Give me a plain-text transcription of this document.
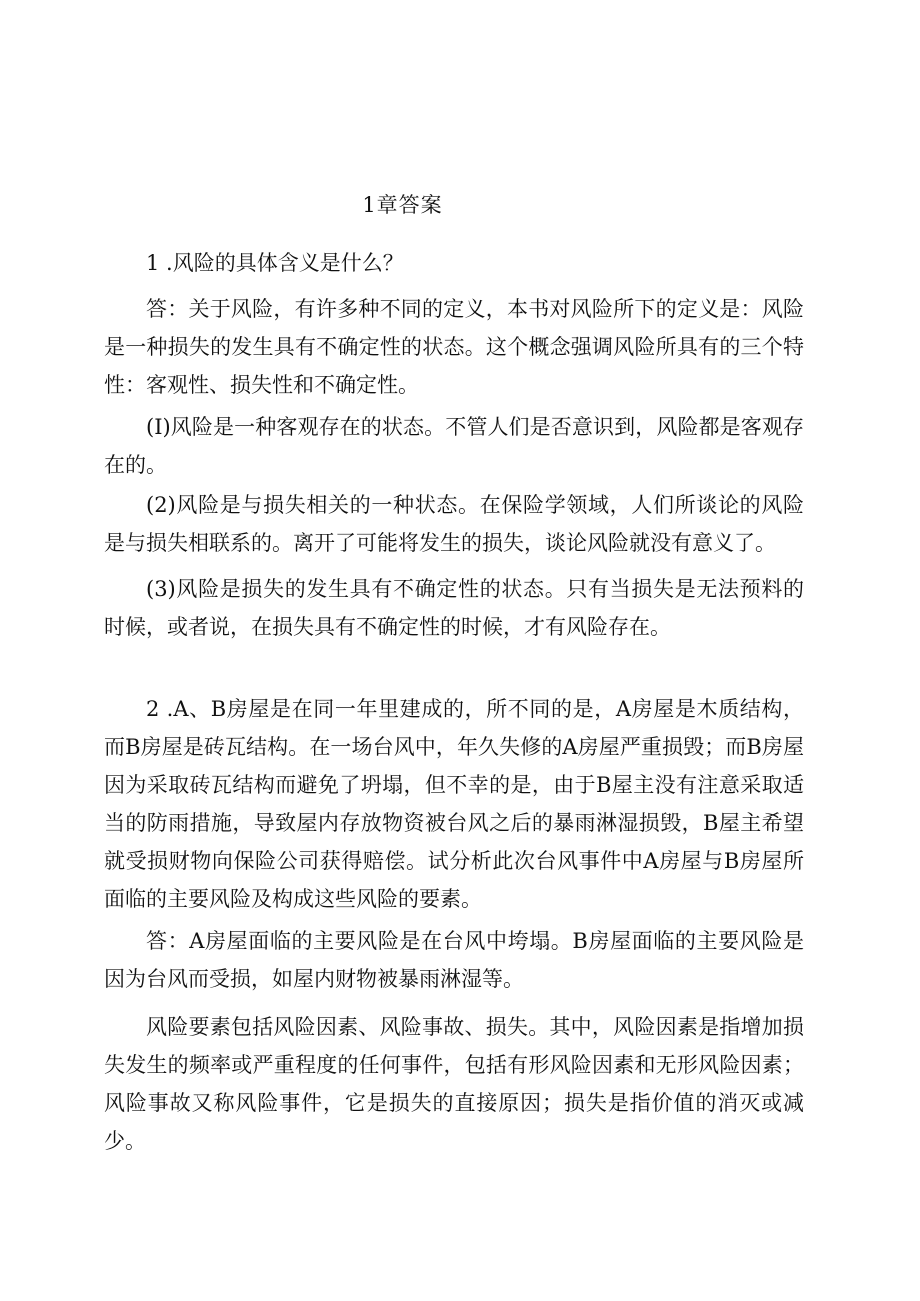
1章答案
1 .风险的具体含义是什么？
答：关于风险，有许多种不同的定义，本书对风险所下的定义是：风险是一种损失的发生具有不确定性的状态。这个概念强调风险所具有的三个特性：客观性、损失性和不确定性。
(I)风险是一种客观存在的状态。不管人们是否意识到，风险都是客观存在的。
(2)风险是与损失相关的一种状态。在保险学领域，人们所谈论的风险是与损失相联系的。离开了可能将发生的损失，谈论风险就没有意义了。
(3)风险是损失的发生具有不确定性的状态。只有当损失是无法预料的时候，或者说，在损失具有不确定性的时候，才有风险存在。
2 .A、B房屋是在同一年里建成的，所不同的是，A房屋是木质结构，而B房屋是砖瓦结构。在一场台风中，年久失修的A房屋严重损毁；而B房屋因为采取砖瓦结构而避免了坍塌，但不幸的是，由于B屋主没有注意采取适当的防雨措施，导致屋内存放物资被台风之后的暴雨淋湿损毁，B屋主希望就受损财物向保险公司获得赔偿。试分析此次台风事件中A房屋与B房屋所面临的主要风险及构成这些风险的要素。
答：A房屋面临的主要风险是在台风中垮塌。B房屋面临的主要风险是因为台风而受损，如屋内财物被暴雨淋湿等。
风险要素包括风险因素、风险事故、损失。其中，风险因素是指增加损失发生的频率或严重程度的任何事件，包括有形风险因素和无形风险因素；风险事故又称风险事件，它是损失的直接原因；损失是指价值的消灭或减少。
